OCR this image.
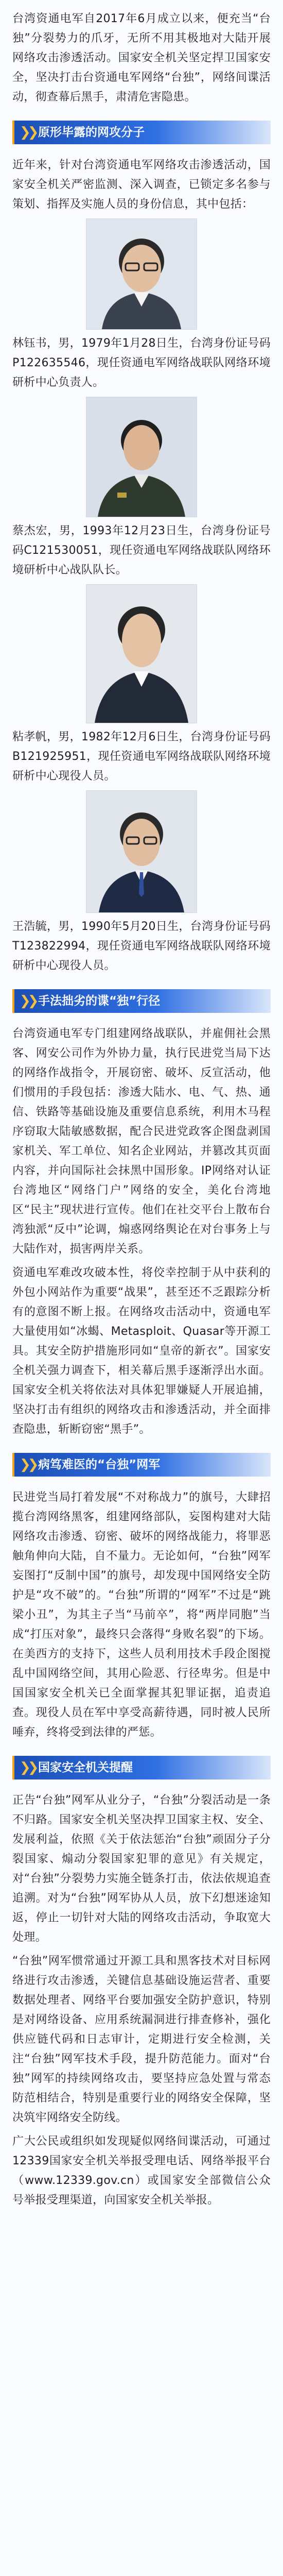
台湾资通电军自2017年6月成立以来，便充当“台独”分裂势力的爪牙，无所不用其极地对大陆开展网络攻击渗透活动。国家安全机关坚定捍卫国家安全，坚决打击台资通电军网络“台独”，网络间谍活动，彻查幕后黑手，肃清危害隐患。

❯❯ 原形毕露的网攻分子

近年来，针对台湾资通电军网络攻击渗透活动，国家安全机关严密监测、深入调查，已锁定多名参与策划、指挥及实施人员的身份信息，其中包括：

林钰书，男，1979年1月28日生，台湾身份证号码P122635546，现任资通电军网络战联队网络环境研析中心负责人。

蔡杰宏，男，1993年12月23日生，台湾身份证号码C121530051，现任资通电军网络战联队网络环境研析中心战队队长。

粘孝帆，男，1982年12月6日生，台湾身份证号码B121925951，现任资通电军网络战联队网络环境研析中心现役人员。

王浩毓，男，1990年5月20日生，台湾身份证号码T123822994，现任资通电军网络战联队网络环境研析中心现役人员。

❯❯ 手法拙劣的谍“独”行径

台湾资通电军专门组建网络战联队，并雇佣社会黑客、网安公司作为外协力量，执行民进党当局下达的网络作战指令，开展窃密、破坏、反宣活动，他们惯用的手段包括：渗透大陆水、电、气、热、通信、铁路等基础设施及重要信息系统，利用木马程序窃取大陆敏感数据，配合民进党政客企图盘剥国家机关、军工单位、知名企业网站，并篡改其页面内容，并向国际社会抹黑中国形象。IP网络对认证台湾地区“网络门户”网络的安全，美化台湾地区“民主”现状进行宣传。他们在社交平台上散布台湾独派“反中”论调，煽惑网络舆论在对台事务上与大陆作对，损害两岸关系。

资通电军难改攻破本性，将佼幸控制于从中获利的外包小网站作为重要“战果”，甚至还不乏跟踪分析有的意图不断上报。在网络攻击活动中，资通电军大量使用如“冰蝎、Metasploit、Quasar等开源工具。其安全防护措施形同如“皇帝的新衣”。国家安全机关强力调查下，相关幕后黑手逐渐浮出水面。国家安全机关将依法对具体犯罪嫌疑人开展追捕，坚决打击有组织的网络攻击和渗透活动，并全面排查隐患，斩断窃密“黑手”。

❯❯ 病笃难医的“台独”网军

民进党当局打着发展“不对称战力”的旗号，大肆招揽台湾网络黑客，组建网络部队，妄图构建对大陆网络攻击渗透、窃密、破坏的网络战能力，将罪恶触角伸向大陆，自不量力。无论如何，“台独”网军妄图打“反制中国”的旗号，却发现中国网络安全防护是“攻不破”的。“台独”所谓的“网军”不过是“跳梁小丑”，为其主子当“马前卒”，将“两岸同胞”当成“打压对象”，最终只会落得“身败名裂”的下场。在美西方的支持下，这些人员利用技术手段企图搅乱中国网络空间，其用心险恶、行径卑劣。但是中国国家安全机关已全面掌握其犯罪证据，追责追查。现役人员在军中享受高薪待遇，同时被人民所唾弃，终将受到法律的严惩。

❯❯ 国家安全机关提醒

正告“台独”网军从业分子，“台独”分裂活动是一条不归路。国家安全机关坚决捍卫国家主权、安全、发展利益，依照《关于依法惩治“台独”顽固分子分裂国家、煽动分裂国家犯罪的意见》有关规定，对“台独”分裂势力实施全链条打击，依法依规追查追溯。对为“台独”网军协从人员，放下幻想迷途知返，停止一切针对大陆的网络攻击活动，争取宽大处理。

“台独”网军惯常通过开源工具和黑客技术对目标网络进行攻击渗透，关键信息基础设施运营者、重要数据处理者、网络平台要加强安全防护意识，特别是对网络设备、应用系统漏洞进行排查修补，强化供应链代码和日志审计，定期进行安全检测，关注“台独”网军技术手段，提升防范能力。面对“台独”网军的持续网络攻击，要坚持应急处置与常态防范相结合，特别是重要行业的网络安全保障，坚决筑牢网络安全防线。

广大公民或组织如发现疑似网络间谍活动，可通过12339国家安全机关举报受理电话、网络举报平台（www.12339.gov.cn）或国家安全部微信公众号举报受理渠道，向国家安全机关举报。
